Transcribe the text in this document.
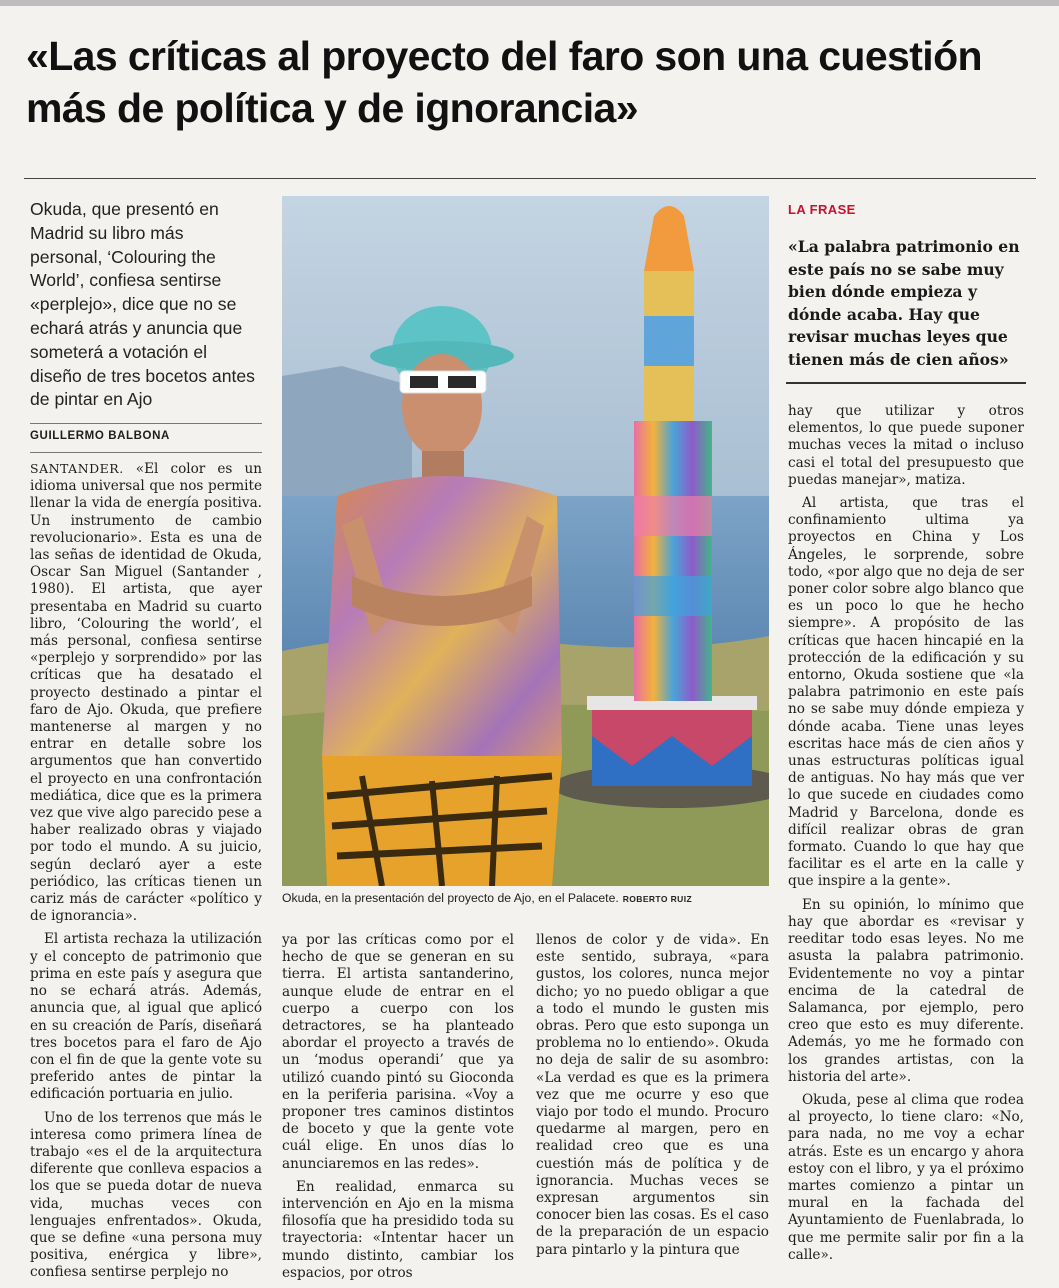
«Las críticas al proyecto del faro son una cuestión más de política y de ignorancia»

Okuda, que presentó en Madrid su libro más personal, ‘Colouring the World’, confiesa sentirse «perplejo», dice que no se echará atrás y anuncia que someterá a votación el diseño de tres bocetos antes de pintar en Ajo

GUILLERMO BALBONA

SANTANDER. «El color es un idioma universal que nos permite llenar la vida de energía positiva. Un instrumento de cambio revolucionario». Esta es una de las señas de identidad de Okuda, Oscar San Miguel (Santander , 1980). El artista, que ayer presentaba en Madrid su cuarto libro, ‘Colouring the world’, el más personal, confiesa sentirse «perplejo y sorprendido» por las críticas que ha desatado el proyecto destinado a pintar el faro de Ajo. Okuda, que prefiere mantenerse al margen y no entrar en detalle sobre los argumentos que han convertido el proyecto en una confrontación mediática, dice que es la primera vez que vive algo parecido pese a haber realizado obras y viajado por todo el mundo. A su juicio, según declaró ayer a este periódico, las críticas tienen un cariz más de carácter «político y de ignorancia».

El artista rechaza la utilización y el concepto de patrimonio que prima en este país y asegura que no se echará atrás. Además, anuncia que, al igual que aplicó en su creación de París, diseñará tres bocetos para el faro de Ajo con el fin de que la gente vote su preferido antes de pintar la edificación portuaria en julio.

Uno de los terrenos que más le interesa como primera línea de trabajo «es el de la arquitectura diferente que conlleva espacios a los que se pueda dotar de nueva vida, muchas veces con lenguajes enfrentados». Okuda, que se define «una persona muy positiva, enérgica y libre», confiesa sentirse perplejo no

Okuda, en la presentación del proyecto de Ajo, en el Palacete. ROBERTO RUIZ

ya por las críticas como por el hecho de que se generan en su tierra. El artista santanderino, aunque eludе de entrar en el cuerpo a cuerpo con los detractores, se ha planteado abordar el proyecto a través de un ‘modus operandi’ que ya utilizó cuando pintó su Gioconda en la periferia parisina. «Voy a proponer tres caminos distintos de boceto y que la gente vote cuál elige. En unos días lo anunciaremos en las redes».

En realidad, enmarca su intervención en Ajo en la misma filosofía que ha presidido toda su trayectoria: «Intentar hacer un mundo distinto, cambiar los espacios, por otros

llenos de color y de vida». En este sentido, subraya, «para gustos, los colores, nunca mejor dicho; yo no puedo obligar a que a todo el mundo le gusten mis obras. Pero que esto suponga un problema no lo entiendo». Okuda no deja de salir de su asombro: «La verdad es que es la primera vez que me ocurre y eso que viajo por todo el mundo. Procuro quedarme al margen, pero en realidad creo que es una cuestión más de política y de ignorancia. Muchas veces se expresan argumentos sin conocer bien las cosas. Es el caso de la preparación de un espacio para pintarlo y la pintura que

LA FRASE

«La palabra patrimonio en este país no se sabe muy bien dónde empieza y dónde acaba. Hay que revisar muchas leyes que tienen más de cien años»

hay que utilizar y otros elementos, lo que puede suponer muchas veces la mitad o incluso casi el total del presupuesto que puedas manejar», matiza.

Al artista, que tras el confinamiento ultima ya proyectos en China y Los Ángeles, le sorprende, sobre todo, «por algo que no deja de ser poner color sobre algo blanco que es un poco lo que he hecho siempre». A propósito de las críticas que hacen hincapié en la protección de la edificación y su entorno, Okuda sostiene que «la palabra patrimonio en este país no se sabe muy dónde empieza y dónde acaba. Tiene unas leyes escritas hace más de cien años y unas estructuras políticas igual de antiguas. No hay más que ver lo que sucede en ciudades como Madrid y Barcelona, donde es difícil realizar obras de gran formato. Cuando lo que hay que facilitar es el arte en la calle y que inspire a la gente».

En su opinión, lo mínimo que hay que abordar es «revisar y reeditar todo esas leyes. No me asusta la palabra patrimonio. Evidentemente no voy a pintar encima de la catedral de Salamanca, por ejemplo, pero creo que esto es muy diferente. Además, yo me he formado con los grandes artistas, con la historia del arte».

Okuda, pese al clima que rodea al proyecto, lo tiene claro: «No, para nada, no me voy a echar atrás. Este es un encargo y ahora estoy con el libro, y ya el próximo martes comienzo a pintar un mural en la fachada del Ayuntamiento de Fuenlabrada, lo que me permite salir por fin a la calle».
